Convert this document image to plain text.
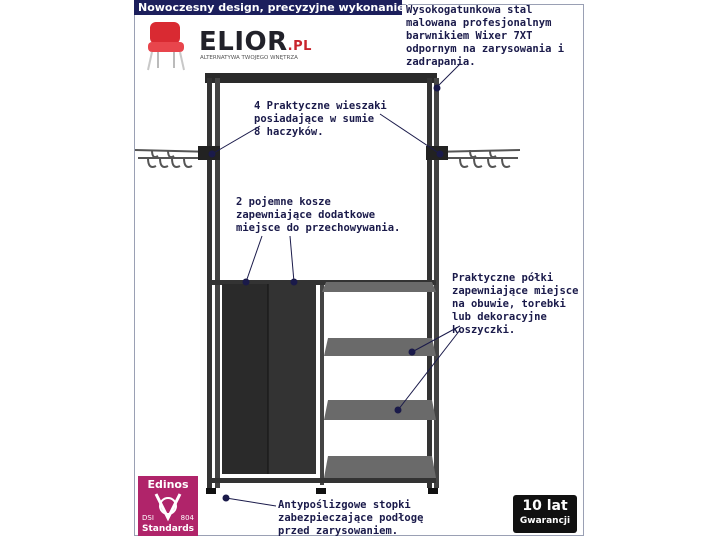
Nowoczesny design, precyzyjne wykonanie!
ELIOR.PL
ALTERNATYWA TWOJEGO WNĘTRZA
Wysokogatunkowa stal
malowana profesjonalnym
barwnikiem Wixer 7XT
odpornym na zarysowania i
zadrapania.
4 Praktyczne wieszaki
posiadające w sumie
8 haczyków.
2 pojemne kosze
zapewniające dodatkowe
miejsce do przechowywania.
Praktyczne półki
zapewniające miejsce
na obuwie, torebki
lub dekoracyjne
koszyczki.
Antypoślizgowe stopki
zabezpieczające podłogę
przed zarysowaniem.
Edinos
DSI	804
Standards
10 lat
Gwarancji
